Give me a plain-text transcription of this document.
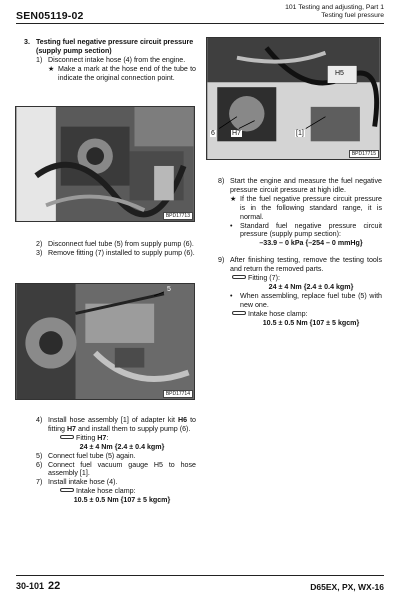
SEN05119-02
101 Testing and adjusting, Part 1
Testing fuel pressure
3. Testing fuel negative pressure circuit pressure (supply pump section)
1) Disconnect intake hose (4) from the engine.
★ Make a mark at the hose end of the tube to indicate the original connection point.
BPD17713
2) Disconnect fuel tube (5) from supply pump (6).
3) Remove fitting (7) installed to supply pump (6).
5
BPD17714
4) Install hose assembly [1] of adapter kit H6 to fitting H7 and install them to supply pump (6).
Fitting H7:
24 ± 4 Nm {2.4 ± 0.4 kgm}
5) Connect fuel tube (5) again.
6) Connect fuel vacuum gauge H5 to hose assembly [1].
7) Install intake hose (4).
Intake hose clamp:
10.5 ± 0.5 Nm {107 ± 5 kgcm}
6 H7	[1]
H5
BPD17715
8) Start the engine and measure the fuel negative pressure circuit pressure at high idle.
★ If the fuel negative pressure circuit pressure is in the following standard range, it is normal.
•	Standard fuel negative pressure circuit pressure (supply pump section):
–33.9 – 0 kPa {–254 – 0 mmHg}
9) After finishing testing, remove the testing tools and return the removed parts.
Fitting (7):
24 ± 4 Nm {2.4 ± 0.4 kgm}
•	When assembling, replace fuel tube (5) with new one.
Intake hose clamp:
10.5 ± 0.5 Nm {107 ± 5 kgcm}
30-101 22	D65EX, PX, WX-16
